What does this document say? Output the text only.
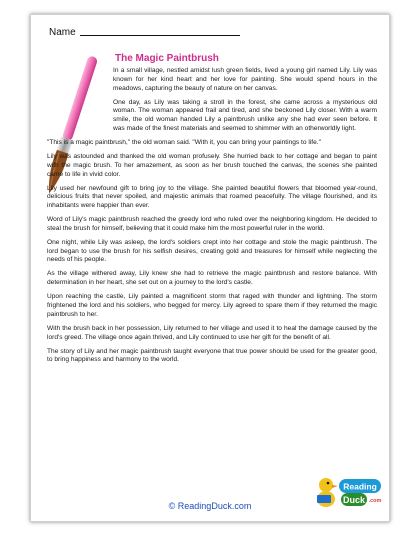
Name
The Magic Paintbrush

In a small village, nestled amidst lush green fields, lived a young girl named Lily. Lily was known for her kind heart and her love for painting. She would spend hours in the meadows, capturing the beauty of nature on her canvas.

One day, as Lily was taking a stroll in the forest, she came across a mysterious old woman. The woman appeared frail and tired, and she beckoned Lily closer. With a warm smile, the old woman handed Lily a paintbrush unlike any she had ever seen before. It was made of the finest materials and seemed to shimmer with an otherworldly light.

"This is a magic paintbrush," the old woman said. "With it, you can bring your paintings to life."

Lily was astounded and thanked the old woman profusely. She hurried back to her cottage and began to paint with the magic brush. To her amazement, as soon as her brush touched the canvas, the scenes she painted came to life in vivid color.

Lily used her newfound gift to bring joy to the village. She painted beautiful flowers that bloomed year-round, delicious fruits that never spoiled, and majestic animals that roamed peacefully. The village flourished, and its inhabitants were happier than ever.

Word of Lily's magic paintbrush reached the greedy lord who ruled over the neighboring kingdom. He decided to steal the brush for himself, believing that it could make him the most powerful ruler in the world.

One night, while Lily was asleep, the lord's soldiers crept into her cottage and stole the magic paintbrush. The lord began to use the brush for his selfish desires, creating gold and treasures for himself while neglecting the needs of his people.

As the village withered away, Lily knew she had to retrieve the magic paintbrush and restore balance. With determination in her heart, she set out on a journey to the lord's castle.

Upon reaching the castle, Lily painted a magnificent storm that raged with thunder and lightning. The storm frightened the lord and his soldiers, who begged for mercy. Lily agreed to spare them if they returned the magic paintbrush to her.

With the brush back in her possession, Lily returned to her village and used it to heal the damage caused by the lord's greed. The village once again thrived, and Lily continued to use her gift for the benefit of all.

The story of Lily and her magic paintbrush taught everyone that true power should be used for the greater good, to bring happiness and harmony to the world.

© ReadingDuck.com
Reading
Duck .com
